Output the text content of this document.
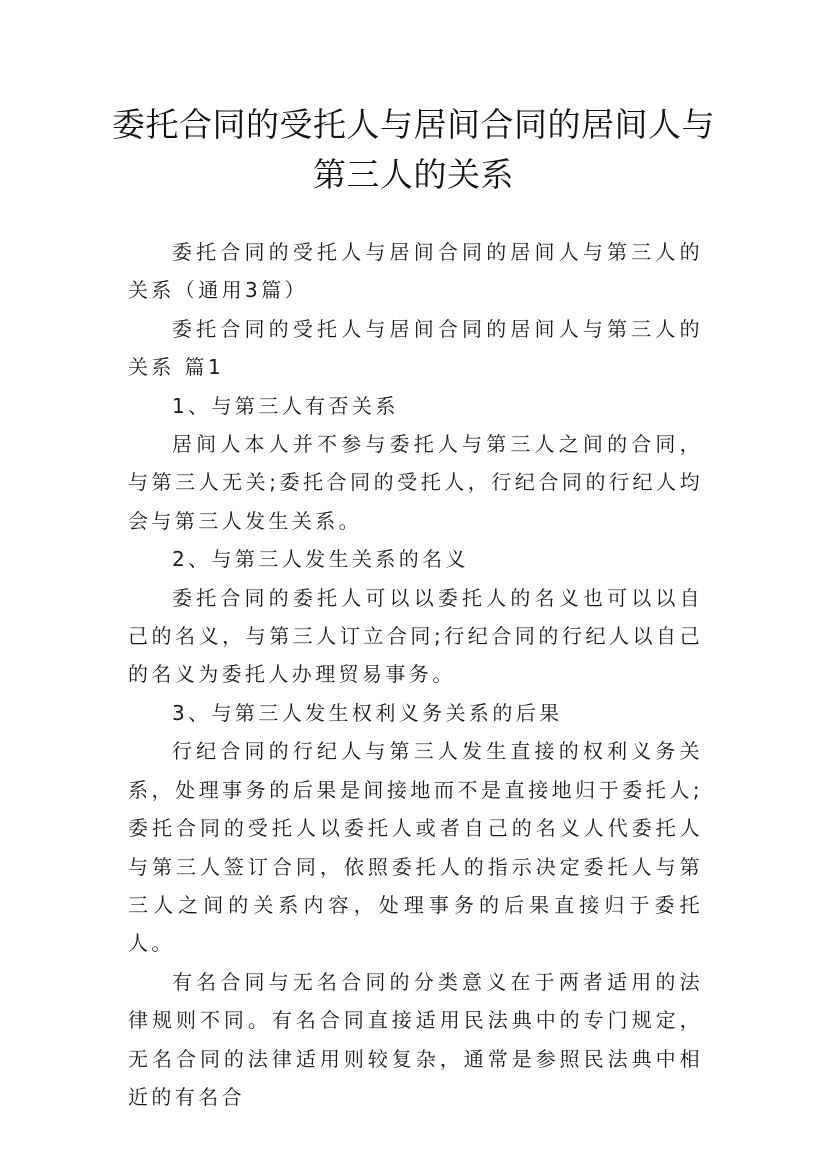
委托合同的受托人与居间合同的居间人与
第三人的关系

委托合同的受托人与居间合同的居间人与第三人的关系（通用3篇）

委托合同的受托人与居间合同的居间人与第三人的关系 篇1

1、与第三人有否关系

居间人本人并不参与委托人与第三人之间的合同，与第三人无关;委托合同的受托人，行纪合同的行纪人均会与第三人发生关系。

2、与第三人发生关系的名义

委托合同的委托人可以以委托人的名义也可以以自己的名义，与第三人订立合同;行纪合同的行纪人以自己的名义为委托人办理贸易事务。

3、与第三人发生权利义务关系的后果

行纪合同的行纪人与第三人发生直接的权利义务关系，处理事务的后果是间接地而不是直接地归于委托人;委托合同的受托人以委托人或者自己的名义人代委托人与第三人签订合同，依照委托人的指示决定委托人与第三人之间的关系内容，处理事务的后果直接归于委托人。

有名合同与无名合同的分类意义在于两者适用的法律规则不同。有名合同直接适用民法典中的专门规定，无名合同的法律适用则较复杂，通常是参照民法典中相近的有名合
